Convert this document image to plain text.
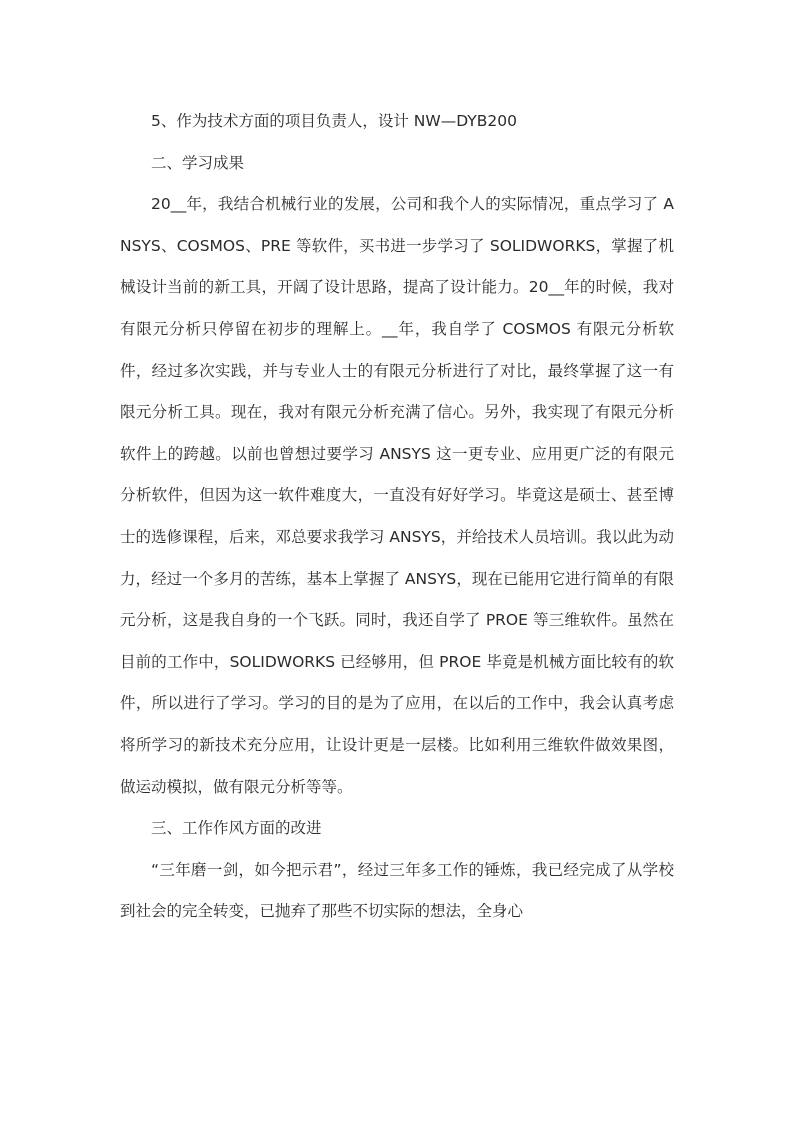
5、作为技术方面的项目负责人，设计 NW—DYB200

二、学习成果

20__年，我结合机械行业的发展，公司和我个人的实际情况，重点学习了 ANSYS、COSMOS、PRE 等软件，买书进一步学习了 SOLIDWORKS，掌握了机械设计当前的新工具，开阔了设计思路，提高了设计能力。20__年的时候，我对有限元分析只停留在初步的理解上。__年，我自学了 COSMOS 有限元分析软件，经过多次实践，并与专业人士的有限元分析进行了对比，最终掌握了这一有限元分析工具。现在，我对有限元分析充满了信心。另外，我实现了有限元分析软件上的跨越。以前也曾想过要学习 ANSYS 这一更专业、应用更广泛的有限元分析软件，但因为这一软件难度大，一直没有好好学习。毕竟这是硕士、甚至博士的选修课程，后来，邓总要求我学习 ANSYS，并给技术人员培训。我以此为动力，经过一个多月的苦练，基本上掌握了 ANSYS，现在已能用它进行简单的有限元分析，这是我自身的一个飞跃。同时，我还自学了 PROE 等三维软件。虽然在目前的工作中，SOLIDWORKS 已经够用，但 PROE 毕竟是机械方面比较有的软件，所以进行了学习。学习的目的是为了应用，在以后的工作中，我会认真考虑将所学习的新技术充分应用，让设计更是一层楼。比如利用三维软件做效果图，做运动模拟，做有限元分析等等。

三、工作作风方面的改进

“三年磨一剑，如今把示君”，经过三年多工作的锤炼，我已经完成了从学校到社会的完全转变，已抛弃了那些不切实际的想法，全身心
